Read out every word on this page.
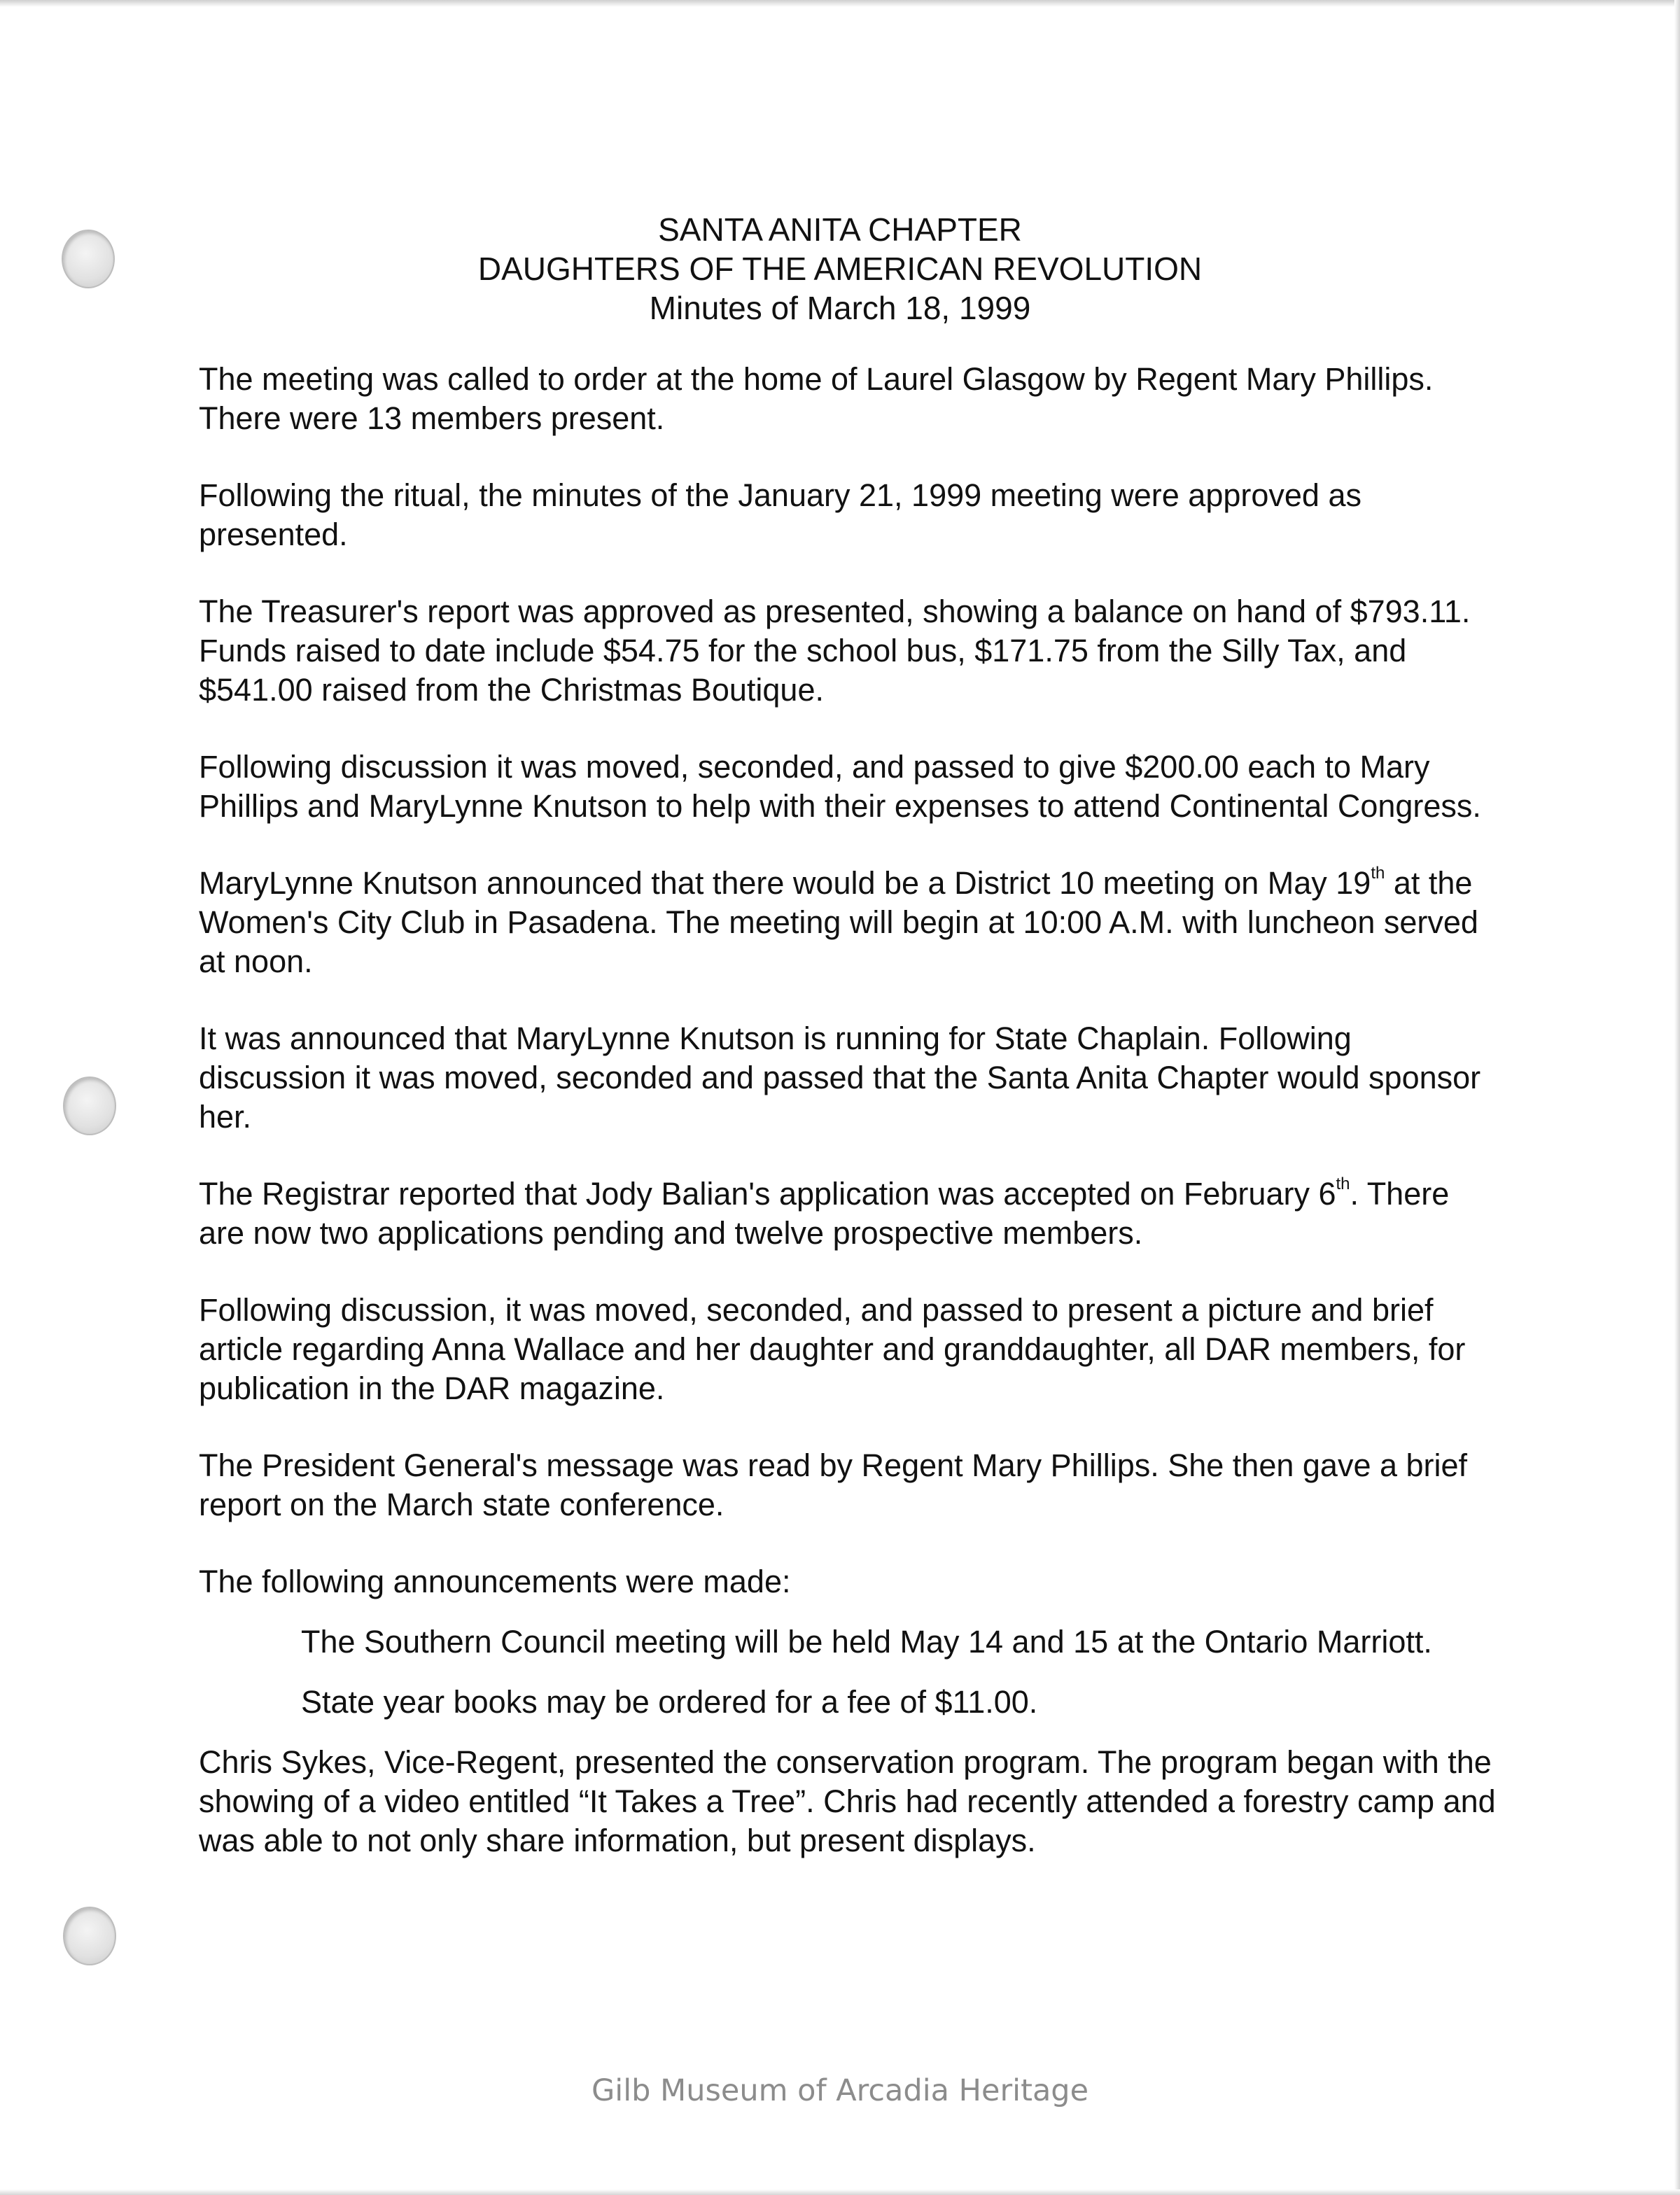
SANTA ANITA CHAPTER
DAUGHTERS OF THE AMERICAN REVOLUTION
Minutes of March 18, 1999

The meeting was called to order at the home of Laurel Glasgow by Regent Mary Phillips. There were 13 members present.

Following the ritual, the minutes of the January 21, 1999 meeting were approved as presented.

The Treasurer's report was approved as presented, showing a balance on hand of $793.11. Funds raised to date include $54.75 for the school bus, $171.75 from the Silly Tax, and $541.00 raised from the Christmas Boutique.

Following discussion it was moved, seconded, and passed to give $200.00 each to Mary Phillips and MaryLynne Knutson to help with their expenses to attend Continental Congress.

MaryLynne Knutson announced that there would be a District 10 meeting on May 19th at the Women's City Club in Pasadena. The meeting will begin at 10:00 A.M. with luncheon served at noon.

It was announced that MaryLynne Knutson is running for State Chaplain. Following discussion it was moved, seconded and passed that the Santa Anita Chapter would sponsor her.

The Registrar reported that Jody Balian's application was accepted on February 6th. There are now two applications pending and twelve prospective members.

Following discussion, it was moved, seconded, and passed to present a picture and brief article regarding Anna Wallace and her daughter and granddaughter, all DAR members, for publication in the DAR magazine.

The President General's message was read by Regent Mary Phillips. She then gave a brief report on the March state conference.

The following announcements were made:

The Southern Council meeting will be held May 14 and 15 at the Ontario Marriott.

State year books may be ordered for a fee of $11.00.

Chris Sykes, Vice-Regent, presented the conservation program. The program began with the showing of a video entitled “It Takes a Tree”. Chris had recently attended a forestry camp and was able to not only share information, but present displays.

Gilb Museum of Arcadia Heritage
